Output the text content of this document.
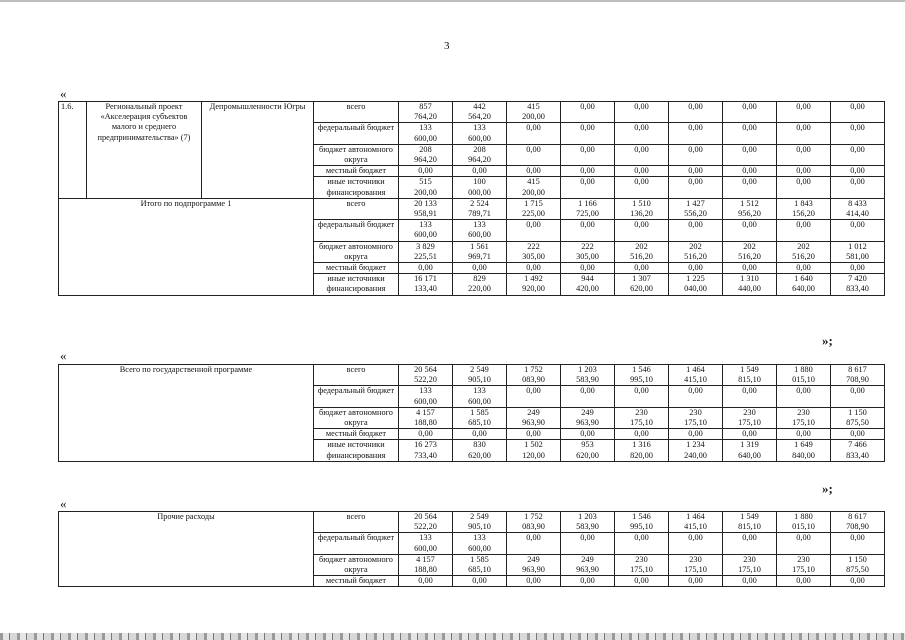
3
«
1.6.	Региональный проект «Акселерация субъектов малого и среднего предпринимательства» (7)	Депромышленности Югры	всего	857
764,20	442
564,20	415
200,00	0,00	0,00	0,00	0,00	0,00	0,00
			федеральный бюджет	133
600,00	133
600,00	0,00	0,00	0,00	0,00	0,00	0,00	0,00
			бюджет автономного округа	208
964,20	208
964,20	0,00	0,00	0,00	0,00	0,00	0,00	0,00
			местный бюджет	0,00	0,00	0,00	0,00	0,00	0,00	0,00	0,00	0,00
			иные источники финансирования	515
200,00	100
000,00	415
200,00	0,00	0,00	0,00	0,00	0,00	0,00
Итого по подпрограмме 1			всего	20 133
958,91	2 524
789,71	1 715
225,00	1 166
725,00	1 510
136,20	1 427
556,20	1 512
956,20	1 843
156,20	8 433
414,40
			федеральный бюджет	133
600,00	133
600,00	0,00	0,00	0,00	0,00	0,00	0,00	0,00
			бюджет автономного округа	3 829
225,51	1 561
969,71	222
305,00	222
305,00	202
516,20	202
516,20	202
516,20	202
516,20	1 012
581,00
			местный бюджет	0,00	0,00	0,00	0,00	0,00	0,00	0,00	0,00	0,00
			иные источники финансирования	16 171
133,40	829
220,00	1 492
920,00	944
420,00	1 307
620,00	1 225
040,00	1 310
440,00	1 640
640,00	7 420
833,40
»;
«
Всего по государственной программе	всего	20 564
522,20	2 549
905,10	1 752
083,90	1 203
583,90	1 546
995,10	1 464
415,10	1 549
815,10	1 880
015,10	8 617
708,90
	федеральный бюджет	133
600,00	133
600,00	0,00	0,00	0,00	0,00	0,00	0,00	0,00
	бюджет автономного округа	4 157
188,80	1 585
685,10	249
963,90	249
963,90	230
175,10	230
175,10	230
175,10	230
175,10	1 150
875,50
	местный бюджет	0,00	0,00	0,00	0,00	0,00	0,00	0,00	0,00	0,00
	иные источники финансирования	16 273
733,40	830
620,00	1 502
120,00	953
620,00	1 316
820,00	1 234
240,00	1 319
640,00	1 649
840,00	7 466
833,40
»;
«
Прочие расходы	всего	20 564
522,20	2 549
905,10	1 752
083,90	1 203
583,90	1 546
995,10	1 464
415,10	1 549
815,10	1 880
015,10	8 617
708,90
	федеральный бюджет	133
600,00	133
600,00	0,00	0,00	0,00	0,00	0,00	0,00	0,00
	бюджет автономного округа	4 157
188,80	1 585
685,10	249
963,90	249
963,90	230
175,10	230
175,10	230
175,10	230
175,10	1 150
875,50
	местный бюджет	0,00	0,00	0,00	0,00	0,00	0,00	0,00	0,00	0,00
